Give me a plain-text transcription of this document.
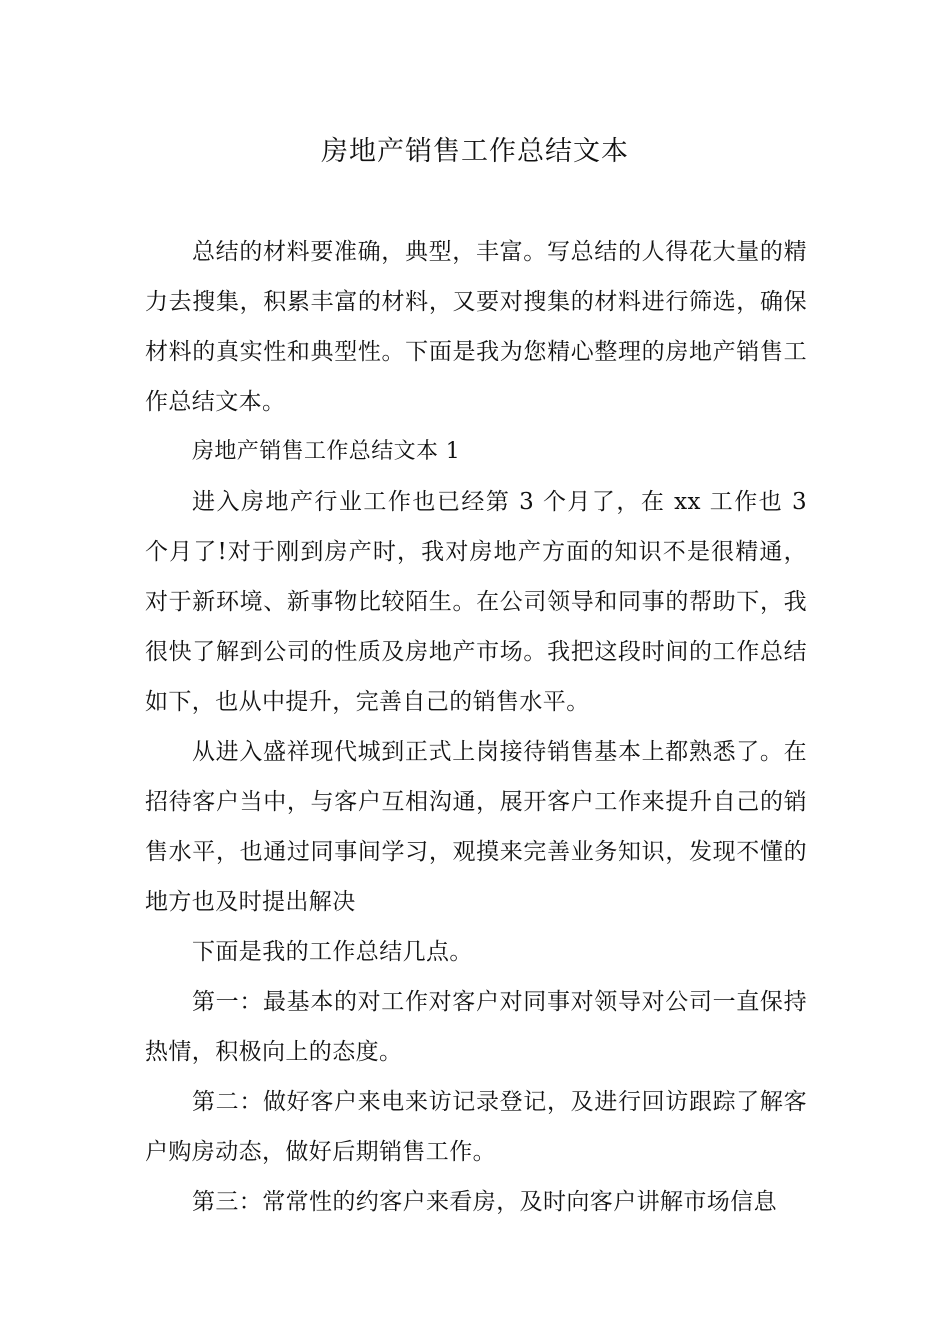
房地产销售工作总结文本

总结的材料要准确，典型，丰富。写总结的人得花大量的精力去搜集，积累丰富的材料，又要对搜集的材料进行筛选，确保材料的真实性和典型性。下面是我为您精心整理的房地产销售工作总结文本。

房地产销售工作总结文本 1

进入房地产行业工作也已经第 3 个月了，在 xx 工作也 3 个月了!对于刚到房产时，我对房地产方面的知识不是很精通，对于新环境、新事物比较陌生。在公司领导和同事的帮助下，我很快了解到公司的性质及房地产市场。我把这段时间的工作总结如下，也从中提升，完善自己的销售水平。

从进入盛祥现代城到正式上岗接待销售基本上都熟悉了。在招待客户当中，与客户互相沟通，展开客户工作来提升自己的销售水平，也通过同事间学习，观摸来完善业务知识，发现不懂的地方也及时提出解决

下面是我的工作总结几点。

第一：最基本的对工作对客户对同事对领导对公司一直保持热情，积极向上的态度。

第二：做好客户来电来访记录登记，及进行回访跟踪了解客户购房动态，做好后期销售工作。

第三：常常性的约客户来看房，及时向客户讲解市场信息
